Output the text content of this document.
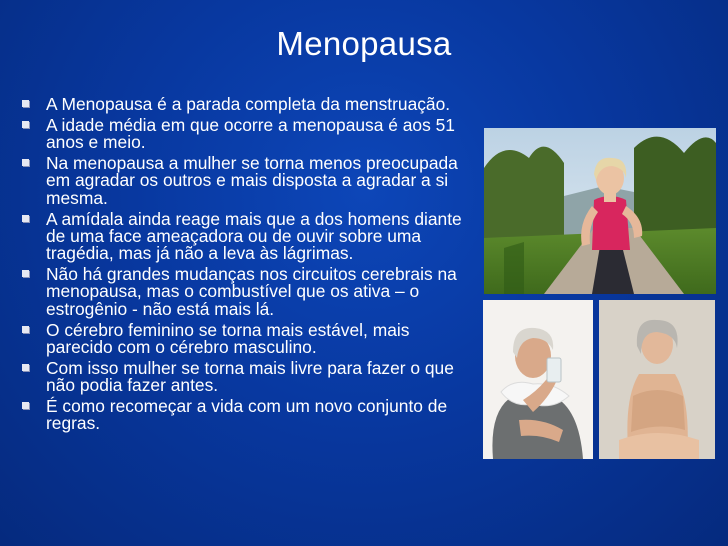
Menopausa
A Menopausa é a parada completa da menstruação.
A idade média em que ocorre a menopausa é aos 51 anos e meio.
Na menopausa a mulher se torna menos preocupada em agradar os outros e mais disposta a agradar a si mesma.
A amídala ainda reage mais que a dos homens diante de uma face ameaçadora ou de ouvir sobre uma tragédia, mas já não a leva às lágrimas.
Não há grandes mudanças nos circuitos cerebrais na menopausa, mas o combustível que os ativa – o estrogênio - não está mais lá.
O cérebro feminino se torna mais estável, mais parecido com o cérebro masculino.
Com isso mulher se torna mais livre para fazer o que não podia fazer antes.
É como recomeçar a vida com um novo conjunto de regras.
